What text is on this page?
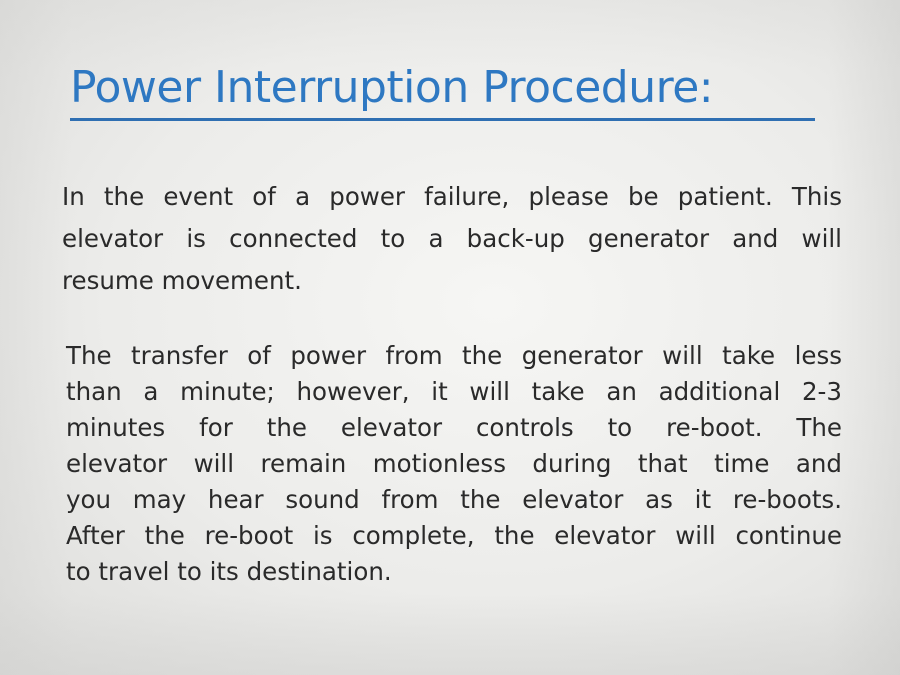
Power Interruption Procedure:
In the event of a power failure, please be patient. This
elevator is connected to a back-up generator and will
resume movement.
The transfer of power from the generator will take less
than a minute; however, it will take an additional 2-3
minutes for the elevator controls to re-boot. The
elevator will remain motionless during that time and
you may hear sound from the elevator as it re-boots.
After the re-boot is complete, the elevator will continue
to travel to its destination.
